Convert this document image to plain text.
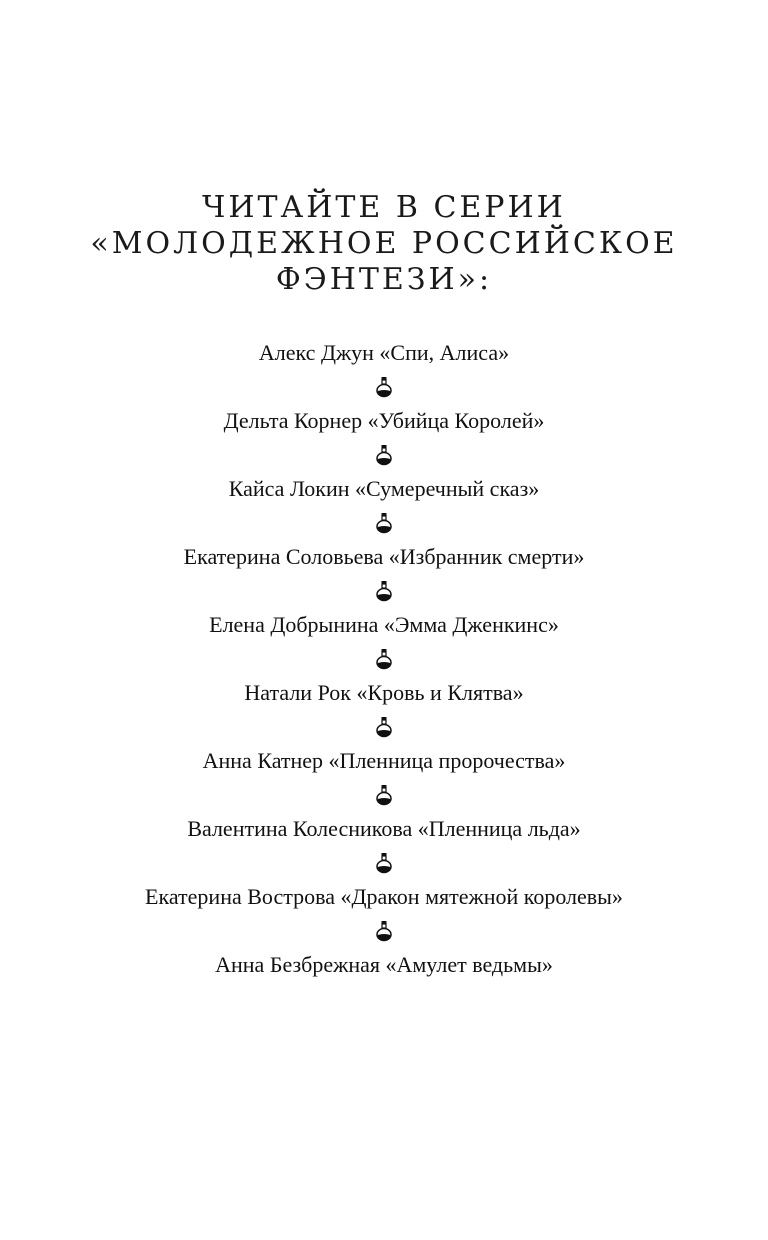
ЧИТАЙТЕ В СЕРИИ
«МОЛОДЕЖНОЕ РОССИЙСКОЕ
ФЭНТЕЗИ»:
Алекс Джун «Спи, Алиса»
Дельта Корнер «Убийца Королей»
Кайса Локин «Сумеречный сказ»
Екатерина Соловьева «Избранник смерти»
Елена Добрынина «Эмма Дженкинс»
Натали Рок «Кровь и Клятва»
Анна Катнер «Пленница пророчества»
Валентина Колесникова «Пленница льда»
Екатерина Вострова «Дракон мятежной королевы»
Анна Безбрежная «Амулет ведьмы»
